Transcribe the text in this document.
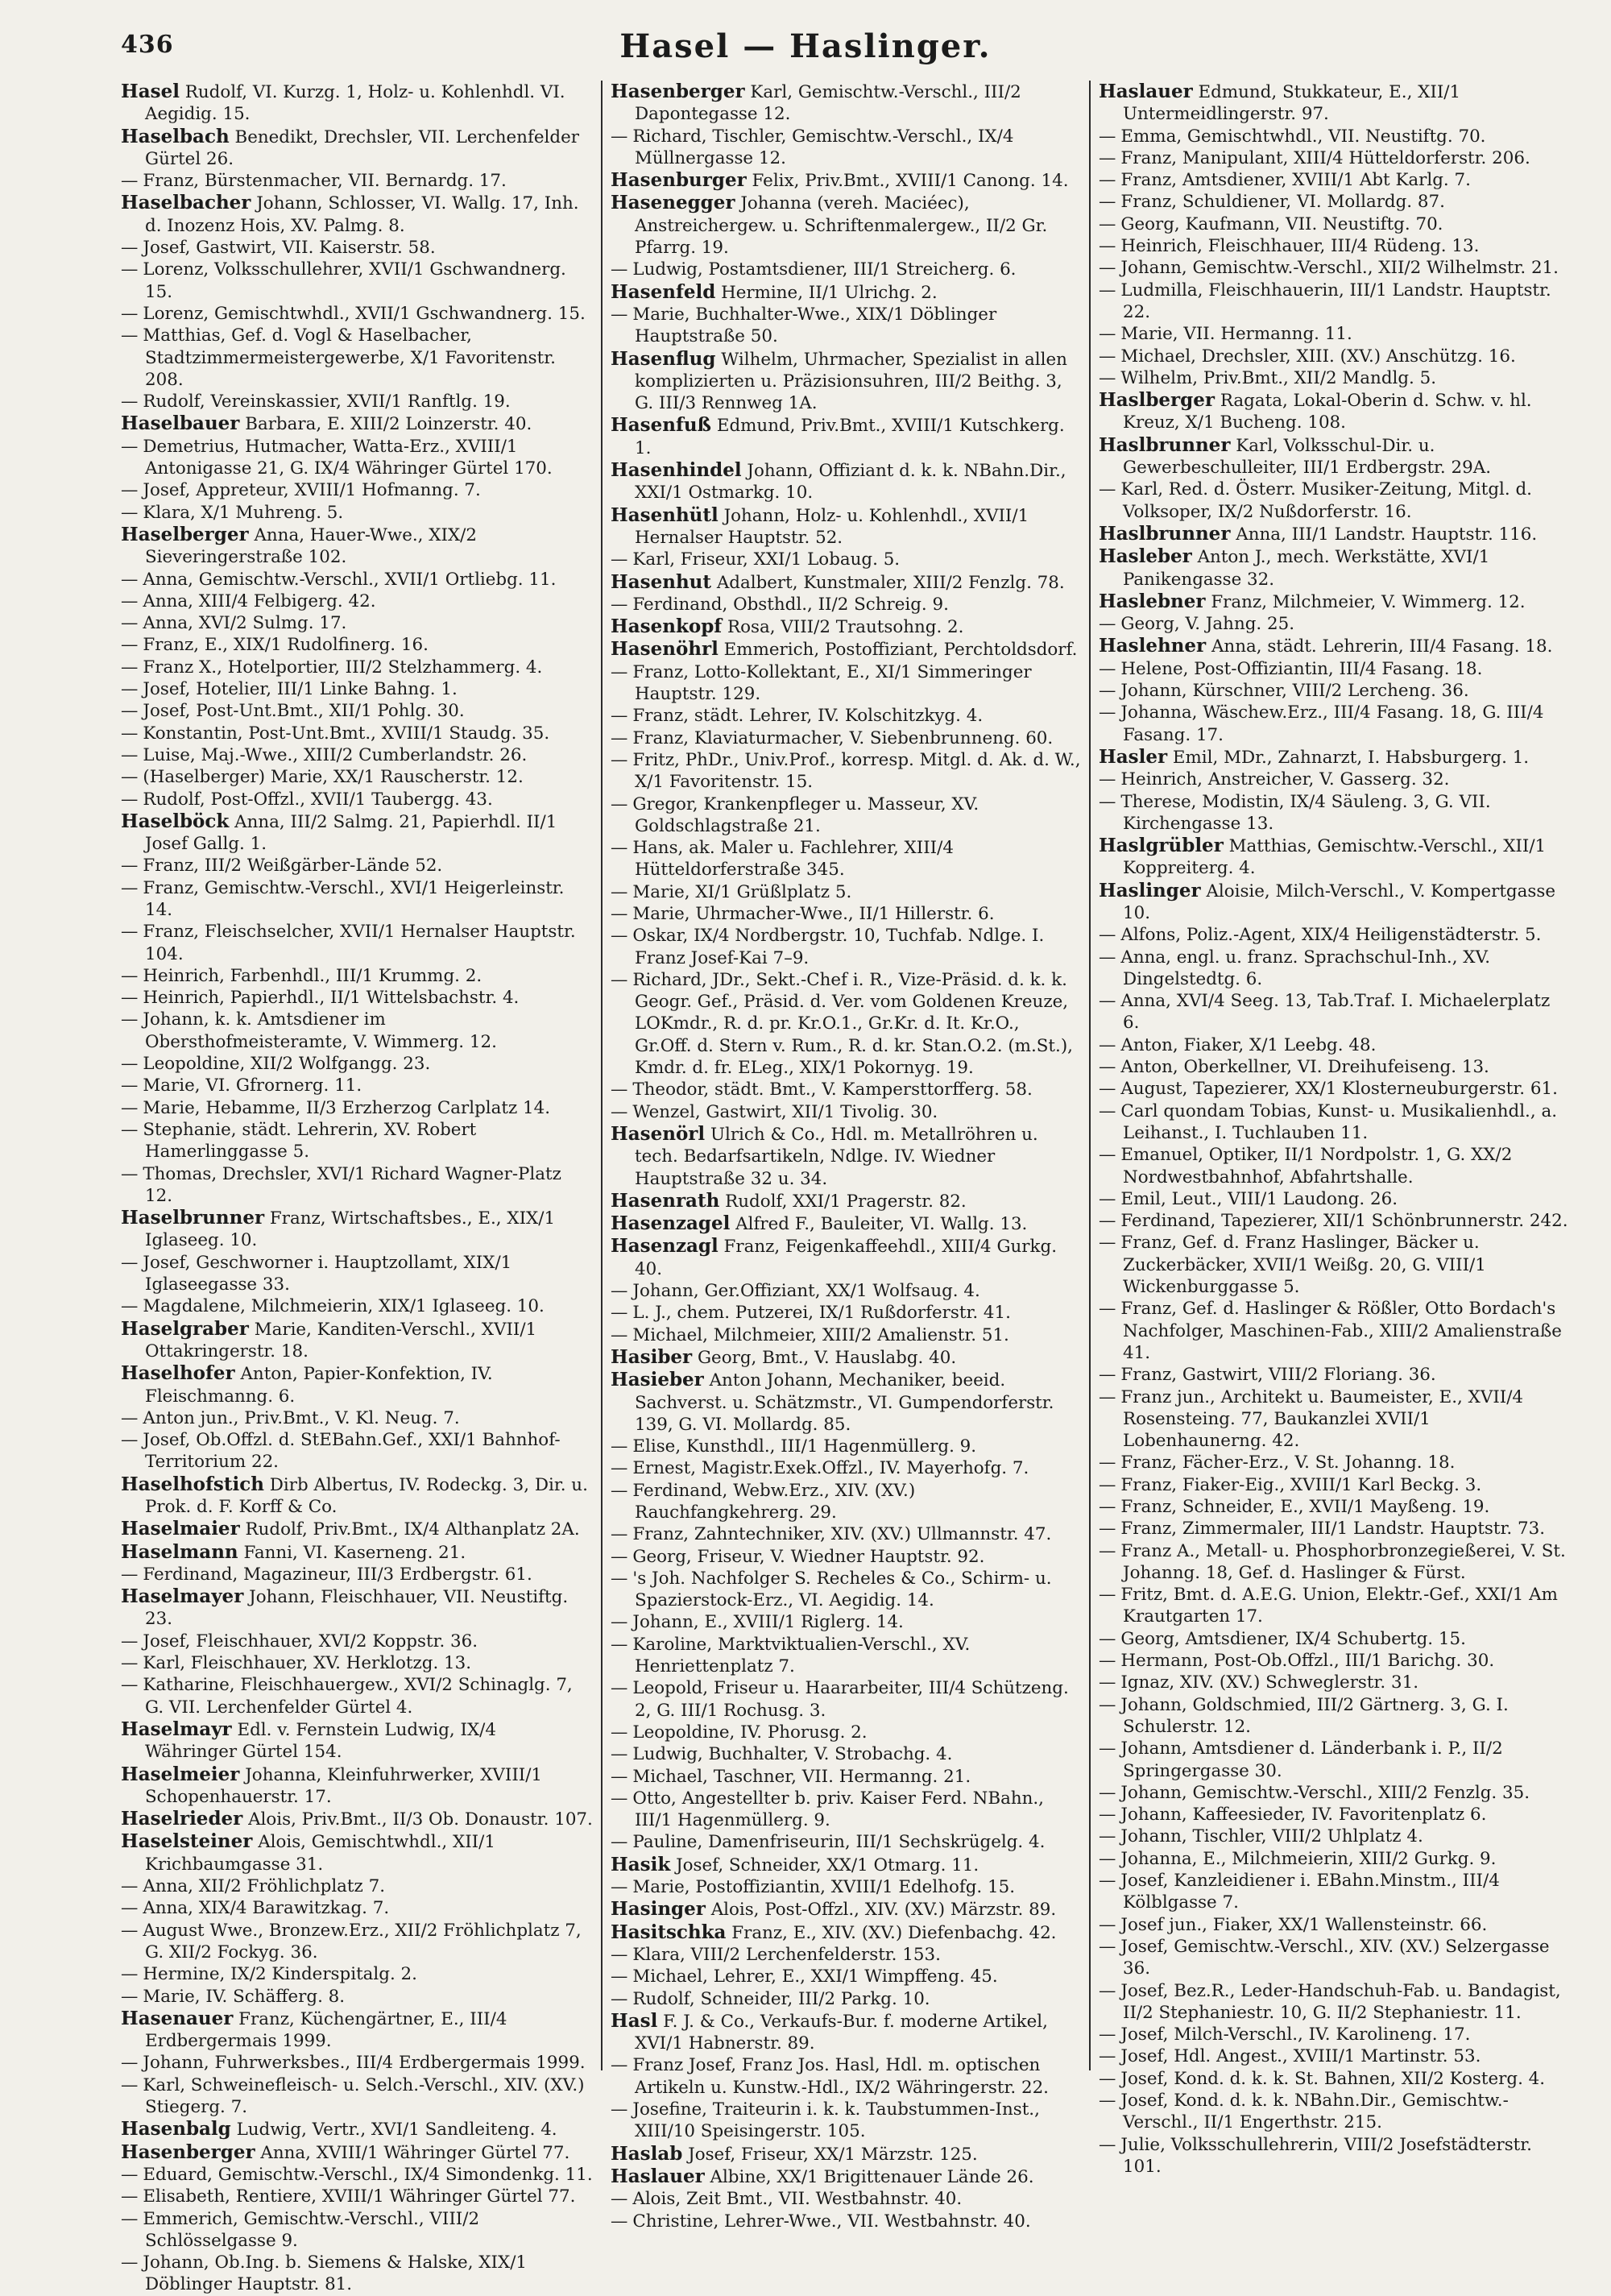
436	Hasel — Haslinger.

Hasel Rudolf, VI. Kurzg. 1, Holz- u. Kohlenhdl. VI. Aegidig. 15.

Haselbach Benedikt, Drechsler, VII. Lerchenfelder Gürtel 26.

— Franz, Bürstenmacher, VII. Bernardg. 17.

Haselbacher Johann, Schlosser, VI. Wallg. 17, Inh. d. Inozenz Hois, XV. Palmg. 8.

— Josef, Gastwirt, VII. Kaiserstr. 58.

— Lorenz, Volksschullehrer, XVII/1 Gschwandnerg. 15.

— Lorenz, Gemischtwhdl., XVII/1 Gschwandnerg. 15.

— Matthias, Gef. d. Vogl & Haselbacher, Stadtzimmermeistergewerbe, X/1 Favoritenstr. 208.

— Rudolf, Vereinskassier, XVII/1 Ranftlg. 19.

Haselbauer Barbara, E. XIII/2 Loinzerstr. 40.

— Demetrius, Hutmacher, Watta-Erz., XVIII/1 Antonigasse 21, G. IX/4 Währinger Gürtel 170.

— Josef, Appreteur, XVIII/1 Hofmanng. 7.

— Klara, X/1 Muhreng. 5.

Haselberger Anna, Hauer-Wwe., XIX/2 Sieveringerstraße 102.

— Anna, Gemischtw.-Verschl., XVII/1 Ortliebg. 11.

— Anna, XIII/4 Felbigerg. 42.

— Anna, XVI/2 Sulmg. 17.

— Franz, E., XIX/1 Rudolfinerg. 16.

— Franz X., Hotelportier, III/2 Stelzhammerg. 4.

— Josef, Hotelier, III/1 Linke Bahng. 1.

— Josef, Post-Unt.Bmt., XII/1 Pohlg. 30.

— Konstantin, Post-Unt.Bmt., XVIII/1 Staudg. 35.

— Luise, Maj.-Wwe., XIII/2 Cumberlandstr. 26.

— (Haselberger) Marie, XX/1 Rauscherstr. 12.

— Rudolf, Post-Offzl., XVII/1 Taubergg. 43.

Haselböck Anna, III/2 Salmg. 21, Papierhdl. II/1 Josef Gallg. 1.

— Franz, III/2 Weißgärber-Lände 52.

— Franz, Gemischtw.-Verschl., XVI/1 Heigerleinstr. 14.

— Franz, Fleischselcher, XVII/1 Hernalser Hauptstr. 104.

— Heinrich, Farbenhdl., III/1 Krummg. 2.

— Heinrich, Papierhdl., II/1 Wittelsbachstr. 4.

— Johann, k. k. Amtsdiener im Obersthofmeisteramte, V. Wimmerg. 12.

— Leopoldine, XII/2 Wolfgangg. 23.

— Marie, VI. Gfrornerg. 11.

— Marie, Hebamme, II/3 Erzherzog Carlplatz 14.

— Stephanie, städt. Lehrerin, XV. Robert Hamerlinggasse 5.

— Thomas, Drechsler, XVI/1 Richard Wagner-Platz 12.

Haselbrunner Franz, Wirtschaftsbes., E., XIX/1 Iglaseeg. 10.

— Josef, Geschworner i. Hauptzollamt, XIX/1 Iglaseegasse 33.

— Magdalene, Milchmeierin, XIX/1 Iglaseeg. 10.

Haselgraber Marie, Kanditen-Verschl., XVII/1 Ottakringerstr. 18.

Haselhofer Anton, Papier-Konfektion, IV. Fleischmanng. 6.

— Anton jun., Priv.Bmt., V. Kl. Neug. 7.

— Josef, Ob.Offzl. d. StEBahn.Gef., XXI/1 Bahnhof-Territorium 22.

Haselhofstich Dirb Albertus, IV. Rodeckg. 3, Dir. u. Prok. d. F. Korff & Co.

Haselmaier Rudolf, Priv.Bmt., IX/4 Althanplatz 2A.

Haselmann Fanni, VI. Kaserneng. 21.

— Ferdinand, Magazineur, III/3 Erdbergstr. 61.

Haselmayer Johann, Fleischhauer, VII. Neustiftg. 23.

— Josef, Fleischhauer, XVI/2 Koppstr. 36.

— Karl, Fleischhauer, XV. Herklotzg. 13.

— Katharine, Fleischhauergew., XVI/2 Schinaglg. 7, G. VII. Lerchenfelder Gürtel 4.

Haselmayr Edl. v. Fernstein Ludwig, IX/4 Währinger Gürtel 154.

Haselmeier Johanna, Kleinfuhrwerker, XVIII/1 Schopenhauerstr. 17.

Haselrieder Alois, Priv.Bmt., II/3 Ob. Donaustr. 107.

Haselsteiner Alois, Gemischtwhdl., XII/1 Krichbaumgasse 31.

— Anna, XII/2 Fröhlichplatz 7.

— Anna, XIX/4 Barawitzkag. 7.

— August Wwe., Bronzew.Erz., XII/2 Fröhlichplatz 7, G. XII/2 Fockyg. 36.

— Hermine, IX/2 Kinderspitalg. 2.

— Marie, IV. Schäfferg. 8.

Hasenauer Franz, Küchengärtner, E., III/4 Erdbergermais 1999.

— Johann, Fuhrwerksbes., III/4 Erdbergermais 1999.

— Karl, Schweinefleisch- u. Selch.-Verschl., XIV. (XV.) Stiegerg. 7.

Hasenbalg Ludwig, Vertr., XVI/1 Sandleiteng. 4.

Hasenberger Anna, XVIII/1 Währinger Gürtel 77.

— Eduard, Gemischtw.-Verschl., IX/4 Simondenkg. 11.

— Elisabeth, Rentiere, XVIII/1 Währinger Gürtel 77.

— Emmerich, Gemischtw.-Verschl., VIII/2 Schlösselgasse 9.

— Johann, Ob.Ing. b. Siemens & Halske, XIX/1 Döblinger Hauptstr. 81.

Hasenberger Karl, Gemischtw.-Verschl., III/2 Dapontegasse 12.

— Richard, Tischler, Gemischtw.-Verschl., IX/4 Müllnergasse 12.

Hasenburger Felix, Priv.Bmt., XVIII/1 Canong. 14.

Hasenegger Johanna (vereh. Maciéec), Anstreichergew. u. Schriftenmalergew., II/2 Gr. Pfarrg. 19.

— Ludwig, Postamtsdiener, III/1 Streicherg. 6.

Hasenfeld Hermine, II/1 Ulrichg. 2.

— Marie, Buchhalter-Wwe., XIX/1 Döblinger Hauptstraße 50.

Hasenflug Wilhelm, Uhrmacher, Spezialist in allen komplizierten u. Präzisionsuhren, III/2 Beithg. 3, G. III/3 Rennweg 1A.

Hasenfuß Edmund, Priv.Bmt., XVIII/1 Kutschkerg. 1.

Hasenhindel Johann, Offiziant d. k. k. NBahn.Dir., XXI/1 Ostmarkg. 10.

Hasenhütl Johann, Holz- u. Kohlenhdl., XVII/1 Hernalser Hauptstr. 52.

— Karl, Friseur, XXI/1 Lobaug. 5.

Hasenhut Adalbert, Kunstmaler, XIII/2 Fenzlg. 78.

— Ferdinand, Obsthdl., II/2 Schreig. 9.

Hasenkopf Rosa, VIII/2 Trautsohng. 2.

Hasenöhrl Emmerich, Postoffiziant, Perchtoldsdorf.

— Franz, Lotto-Kollektant, E., XI/1 Simmeringer Hauptstr. 129.

— Franz, städt. Lehrer, IV. Kolschitzkyg. 4.

— Franz, Klaviaturmacher, V. Siebenbrunneng. 60.

— Fritz, PhDr., Univ.Prof., korresp. Mitgl. d. Ak. d. W., X/1 Favoritenstr. 15.

— Gregor, Krankenpfleger u. Masseur, XV. Goldschlagstraße 21.

— Hans, ak. Maler u. Fachlehrer, XIII/4 Hütteldorferstraße 345.

— Marie, XI/1 Grüßlplatz 5.

— Marie, Uhrmacher-Wwe., II/1 Hillerstr. 6.

— Oskar, IX/4 Nordbergstr. 10, Tuchfab. Ndlge. I. Franz Josef-Kai 7–9.

— Richard, JDr., Sekt.-Chef i. R., Vize-Präsid. d. k. k. Geogr. Gef., Präsid. d. Ver. vom Goldenen Kreuze, LOKmdr., R. d. pr. Kr.O.1., Gr.Kr. d. It. Kr.O., Gr.Off. d. Stern v. Rum., R. d. kr. Stan.O.2. (m.St.), Kmdr. d. fr. ELeg., XIX/1 Pokornyg. 19.

— Theodor, städt. Bmt., V. Kampersttorfferg. 58.

— Wenzel, Gastwirt, XII/1 Tivolig. 30.

Hasenörl Ulrich & Co., Hdl. m. Metallröhren u. tech. Bedarfsartikeln, Ndlge. IV. Wiedner Hauptstraße 32 u. 34.

Hasenrath Rudolf, XXI/1 Pragerstr. 82.

Hasenzagel Alfred F., Bauleiter, VI. Wallg. 13.

Hasenzagl Franz, Feigenkaffeehdl., XIII/4 Gurkg. 40.

— Johann, Ger.Offiziant, XX/1 Wolfsaug. 4.

— L. J., chem. Putzerei, IX/1 Rußdorferstr. 41.

— Michael, Milchmeier, XIII/2 Amalienstr. 51.

Hasiber Georg, Bmt., V. Hauslabg. 40.

Hasieber Anton Johann, Mechaniker, beeid. Sachverst. u. Schätzmstr., VI. Gumpendorferstr. 139, G. VI. Mollardg. 85.

— Elise, Kunsthdl., III/1 Hagenmüllerg. 9.

— Ernest, Magistr.Exek.Offzl., IV. Mayerhofg. 7.

— Ferdinand, Webw.Erz., XIV. (XV.) Rauchfangkehrerg. 29.

— Franz, Zahntechniker, XIV. (XV.) Ullmannstr. 47.

— Georg, Friseur, V. Wiedner Hauptstr. 92.

— 's Joh. Nachfolger S. Recheles & Co., Schirm- u. Spazierstock-Erz., VI. Aegidig. 14.

— Johann, E., XVIII/1 Riglerg. 14.

— Karoline, Marktviktualien-Verschl., XV. Henriettenplatz 7.

— Leopold, Friseur u. Haararbeiter, III/4 Schützeng. 2, G. III/1 Rochusg. 3.

— Leopoldine, IV. Phorusg. 2.

— Ludwig, Buchhalter, V. Strobachg. 4.

— Michael, Taschner, VII. Hermanng. 21.

— Otto, Angestellter b. priv. Kaiser Ferd. NBahn., III/1 Hagenmüllerg. 9.

— Pauline, Damenfriseurin, III/1 Sechskrügelg. 4.

Hasik Josef, Schneider, XX/1 Otmarg. 11.

— Marie, Postoffiziantin, XVIII/1 Edelhofg. 15.

Hasinger Alois, Post-Offzl., XIV. (XV.) Märzstr. 89.

Hasitschka Franz, E., XIV. (XV.) Diefenbachg. 42.

— Klara, VIII/2 Lerchenfelderstr. 153.

— Michael, Lehrer, E., XXI/1 Wimpffeng. 45.

— Rudolf, Schneider, III/2 Parkg. 10.

Hasl F. J. & Co., Verkaufs-Bur. f. moderne Artikel, XVI/1 Habnerstr. 89.

— Franz Josef, Franz Jos. Hasl, Hdl. m. optischen Artikeln u. Kunstw.-Hdl., IX/2 Währingerstr. 22.

— Josefine, Traiteurin i. k. k. Taubstummen-Inst., XIII/10 Speisingerstr. 105.

Haslab Josef, Friseur, XX/1 Märzstr. 125.

Haslauer Albine, XX/1 Brigittenauer Lände 26.

— Alois, Zeit Bmt., VII. Westbahnstr. 40.

— Christine, Lehrer-Wwe., VII. Westbahnstr. 40.

Haslauer Edmund, Stukkateur, E., XII/1 Untermeidlingerstr. 97.

— Emma, Gemischtwhdl., VII. Neustiftg. 70.

— Franz, Manipulant, XIII/4 Hütteldorferstr. 206.

— Franz, Amtsdiener, XVIII/1 Abt Karlg. 7.

— Franz, Schuldiener, VI. Mollardg. 87.

— Georg, Kaufmann, VII. Neustiftg. 70.

— Heinrich, Fleischhauer, III/4 Rüdeng. 13.

— Johann, Gemischtw.-Verschl., XII/2 Wilhelmstr. 21.

— Ludmilla, Fleischhauerin, III/1 Landstr. Hauptstr. 22.

— Marie, VII. Hermanng. 11.

— Michael, Drechsler, XIII. (XV.) Anschützg. 16.

— Wilhelm, Priv.Bmt., XII/2 Mandlg. 5.

Haslberger Ragata, Lokal-Oberin d. Schw. v. hl. Kreuz, X/1 Bucheng. 108.

Haslbrunner Karl, Volksschul-Dir. u. Gewerbeschulleiter, III/1 Erdbergstr. 29A.

— Karl, Red. d. Österr. Musiker-Zeitung, Mitgl. d. Volksoper, IX/2 Nußdorferstr. 16.

Haslbrunner Anna, III/1 Landstr. Hauptstr. 116.

Hasleber Anton J., mech. Werkstätte, XVI/1 Panikengasse 32.

Haslebner Franz, Milchmeier, V. Wimmerg. 12.

— Georg, V. Jahng. 25.

Haslehner Anna, städt. Lehrerin, III/4 Fasang. 18.

— Helene, Post-Offiziantin, III/4 Fasang. 18.

— Johann, Kürschner, VIII/2 Lercheng. 36.

— Johanna, Wäschew.Erz., III/4 Fasang. 18, G. III/4 Fasang. 17.

Hasler Emil, MDr., Zahnarzt, I. Habsburgerg. 1.

— Heinrich, Anstreicher, V. Gasserg. 32.

— Therese, Modistin, IX/4 Säuleng. 3, G. VII. Kirchengasse 13.

Haslgrübler Matthias, Gemischtw.-Verschl., XII/1 Koppreiterg. 4.

Haslinger Aloisie, Milch-Verschl., V. Kompertgasse 10.

— Alfons, Poliz.-Agent, XIX/4 Heiligenstädterstr. 5.

— Anna, engl. u. franz. Sprachschul-Inh., XV. Dingelstedtg. 6.

— Anna, XVI/4 Seeg. 13, Tab.Traf. I. Michaelerplatz 6.

— Anton, Fiaker, X/1 Leebg. 48.

— Anton, Oberkellner, VI. Dreihufeiseng. 13.

— August, Tapezierer, XX/1 Klosterneuburgerstr. 61.

— Carl quondam Tobias, Kunst- u. Musikalienhdl., a. Leihanst., I. Tuchlauben 11.

— Emanuel, Optiker, II/1 Nordpolstr. 1, G. XX/2 Nordwestbahnhof, Abfahrtshalle.

— Emil, Leut., VIII/1 Laudong. 26.

— Ferdinand, Tapezierer, XII/1 Schönbrunnerstr. 242.

— Franz, Gef. d. Franz Haslinger, Bäcker u. Zuckerbäcker, XVII/1 Weißg. 20, G. VIII/1 Wickenburggasse 5.

— Franz, Gef. d. Haslinger & Rößler, Otto Bordach's Nachfolger, Maschinen-Fab., XIII/2 Amalienstraße 41.

— Franz, Gastwirt, VIII/2 Floriang. 36.

— Franz jun., Architekt u. Baumeister, E., XVII/4 Rosensteing. 77, Baukanzlei XVII/1 Lobenhaunerng. 42.

— Franz, Fächer-Erz., V. St. Johanng. 18.

— Franz, Fiaker-Eig., XVIII/1 Karl Beckg. 3.

— Franz, Schneider, E., XVII/1 Mayßeng. 19.

— Franz, Zimmermaler, III/1 Landstr. Hauptstr. 73.

— Franz A., Metall- u. Phosphorbronzegießerei, V. St. Johanng. 18, Gef. d. Haslinger & Fürst.

— Fritz, Bmt. d. A.E.G. Union, Elektr.-Gef., XXI/1 Am Krautgarten 17.

— Georg, Amtsdiener, IX/4 Schubertg. 15.

— Hermann, Post-Ob.Offzl., III/1 Barichg. 30.

— Ignaz, XIV. (XV.) Schweglerstr. 31.

— Johann, Goldschmied, III/2 Gärtnerg. 3, G. I. Schulerstr. 12.

— Johann, Amtsdiener d. Länderbank i. P., II/2 Springergasse 30.

— Johann, Gemischtw.-Verschl., XIII/2 Fenzlg. 35.

— Johann, Kaffeesieder, IV. Favoritenplatz 6.

— Johann, Tischler, VIII/2 Uhlplatz 4.

— Johanna, E., Milchmeierin, XIII/2 Gurkg. 9.

— Josef, Kanzleidiener i. EBahn.Minstm., III/4 Kölblgasse 7.

— Josef jun., Fiaker, XX/1 Wallensteinstr. 66.

— Josef, Gemischtw.-Verschl., XIV. (XV.) Selzergasse 36.

— Josef, Bez.R., Leder-Handschuh-Fab. u. Bandagist, II/2 Stephaniestr. 10, G. II/2 Stephaniestr. 11.

— Josef, Milch-Verschl., IV. Karolineng. 17.

— Josef, Hdl. Angest., XVIII/1 Martinstr. 53.

— Josef, Kond. d. k. k. St. Bahnen, XII/2 Kosterg. 4.

— Josef, Kond. d. k. k. NBahn.Dir., Gemischtw.-Verschl., II/1 Engerthstr. 215.

— Julie, Volksschullehrerin, VIII/2 Josefstädterstr. 101.
